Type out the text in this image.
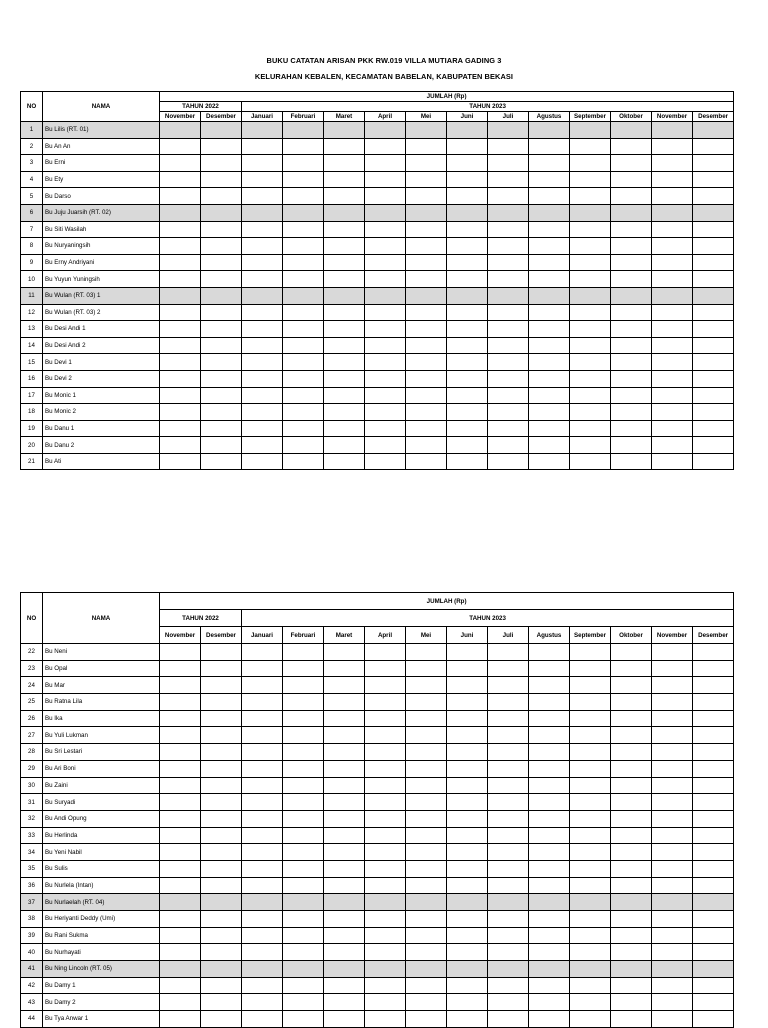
BUKU CATATAN ARISAN PKK RW.019 VILLA MUTIARA GADING 3
KELURAHAN KEBALEN, KECAMATAN BABELAN, KABUPATEN BEKASI
NO	NAMA	JUMLAH (Rp)													
		TAHUN 2022		TAHUN 2023											
		November	Desember	Januari	Februari	Maret	April	Mei	Juni	Juli	Agustus	September	Oktober	November	Desember
1	Bu Lilis (RT. 01)														
2	Bu An An														
3	Bu Erni														
4	Bu Ety														
5	Bu Darso														
6	Bu Juju Juarsih (RT. 02)														
7	Bu Siti Wasilah														
8	Bu Nuryaningsih														
9	Bu Erny Andriyani														
10	Bu Yuyun Yuningsih														
11	Bu Wulan (RT. 03) 1														
12	Bu Wulan (RT. 03) 2														
13	Bu Desi Andi 1														
14	Bu Desi Andi 2														
15	Bu Devi 1														
16	Bu Devi 2														
17	Bu Monic 1														
18	Bu Monic 2														
19	Bu Danu 1														
20	Bu Danu 2														
21	Bu Ati														
NO	NAMA	JUMLAH (Rp)													
		TAHUN 2022		TAHUN 2023											
		November	Desember	Januari	Februari	Maret	April	Mei	Juni	Juli	Agustus	September	Oktober	November	Desember
22	Bu Neni														
23	Bu Opal														
24	Bu Mar														
25	Bu Ratna Lila														
26	Bu Ika														
27	Bu Yuli Lukman														
28	Bu Sri Lestari														
29	Bu Ari Boni														
30	Bu Zaini														
31	Bu Suryadi														
32	Bu Andi Opung														
33	Bu Herlinda														
34	Bu Yeni Nabil														
35	Bu Sulis														
36	Bu Nurlela (Intan)														
37	Bu Nurlaelah (RT. 04)														
38	Bu Heriyanti Deddy (Umi)														
39	Bu Rani Sukma														
40	Bu Nurhayati														
41	Bu Ning Lincoln (RT. 05)														
42	Bu Damy 1														
43	Bu Damy 2														
44	Bu Tya Anwar 1														
